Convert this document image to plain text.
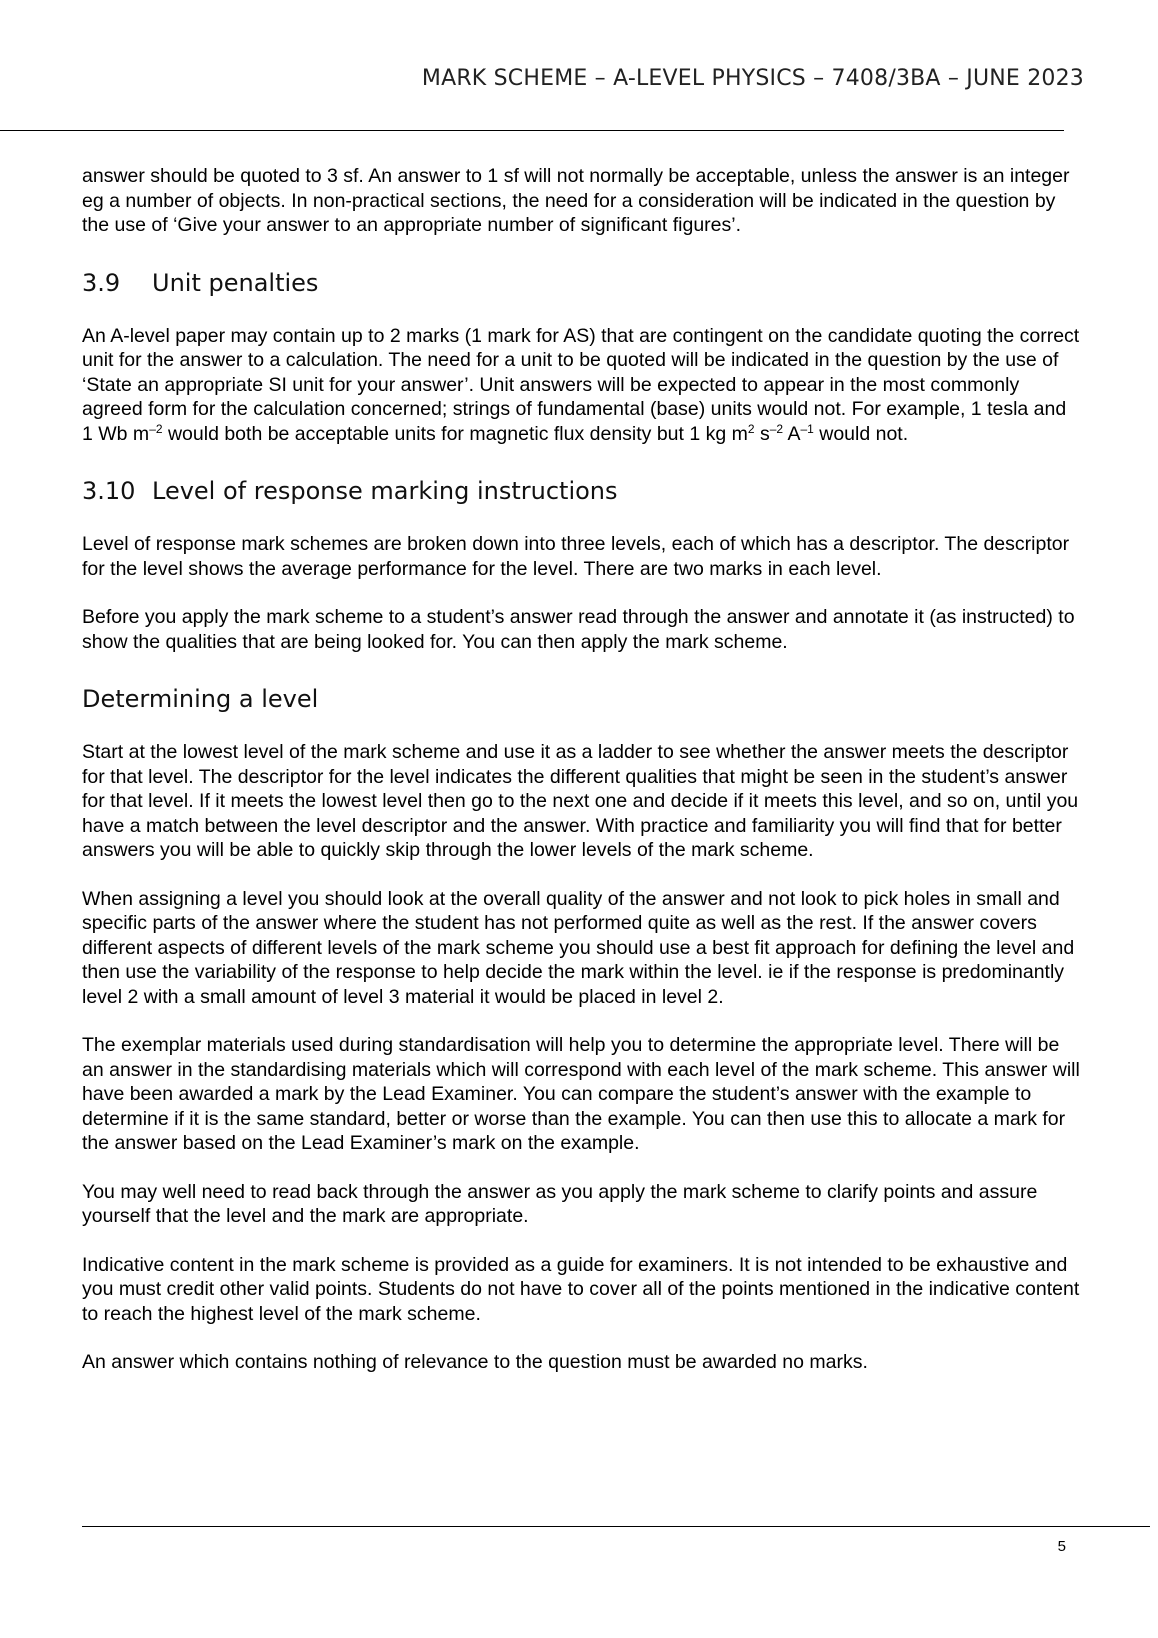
MARK SCHEME – A-LEVEL PHYSICS – 7408/3BA – JUNE 2023

answer should be quoted to 3 sf. An answer to 1 sf will not normally be acceptable, unless the answer is an integer eg a number of objects. In non-practical sections, the need for a consideration will be indicated in the question by the use of ‘Give your answer to an appropriate number of significant figures’.

3.9 Unit penalties

An A-level paper may contain up to 2 marks (1 mark for AS) that are contingent on the candidate quoting the correct unit for the answer to a calculation. The need for a unit to be quoted will be indicated in the question by the use of ‘State an appropriate SI unit for your answer’. Unit answers will be expected to appear in the most commonly agreed form for the calculation concerned; strings of fundamental (base) units would not. For example, 1 tesla and 1 Wb $m^{-2}$ would both be acceptable units for magnetic flux density but 1 kg $m^2$ $s^{-2}$ $A^{-1}$ would not.

3.10 Level of response marking instructions

Level of response mark schemes are broken down into three levels, each of which has a descriptor. The descriptor for the level shows the average performance for the level. There are two marks in each level.

Before you apply the mark scheme to a student’s answer read through the answer and annotate it (as instructed) to show the qualities that are being looked for. You can then apply the mark scheme.

Determining a level

Start at the lowest level of the mark scheme and use it as a ladder to see whether the answer meets the descriptor for that level. The descriptor for the level indicates the different qualities that might be seen in the student’s answer for that level. If it meets the lowest level then go to the next one and decide if it meets this level, and so on, until you have a match between the level descriptor and the answer. With practice and familiarity you will find that for better answers you will be able to quickly skip through the lower levels of the mark scheme.

When assigning a level you should look at the overall quality of the answer and not look to pick holes in small and specific parts of the answer where the student has not performed quite as well as the rest. If the answer covers different aspects of different levels of the mark scheme you should use a best fit approach for defining the level and then use the variability of the response to help decide the mark within the level. ie if the response is predominantly level 2 with a small amount of level 3 material it would be placed in level 2.

The exemplar materials used during standardisation will help you to determine the appropriate level. There will be an answer in the standardising materials which will correspond with each level of the mark scheme. This answer will have been awarded a mark by the Lead Examiner. You can compare the student’s answer with the example to determine if it is the same standard, better or worse than the example. You can then use this to allocate a mark for the answer based on the Lead Examiner’s mark on the example.

You may well need to read back through the answer as you apply the mark scheme to clarify points and assure yourself that the level and the mark are appropriate.

Indicative content in the mark scheme is provided as a guide for examiners. It is not intended to be exhaustive and you must credit other valid points. Students do not have to cover all of the points mentioned in the indicative content to reach the highest level of the mark scheme.

An answer which contains nothing of relevance to the question must be awarded no marks.

5
